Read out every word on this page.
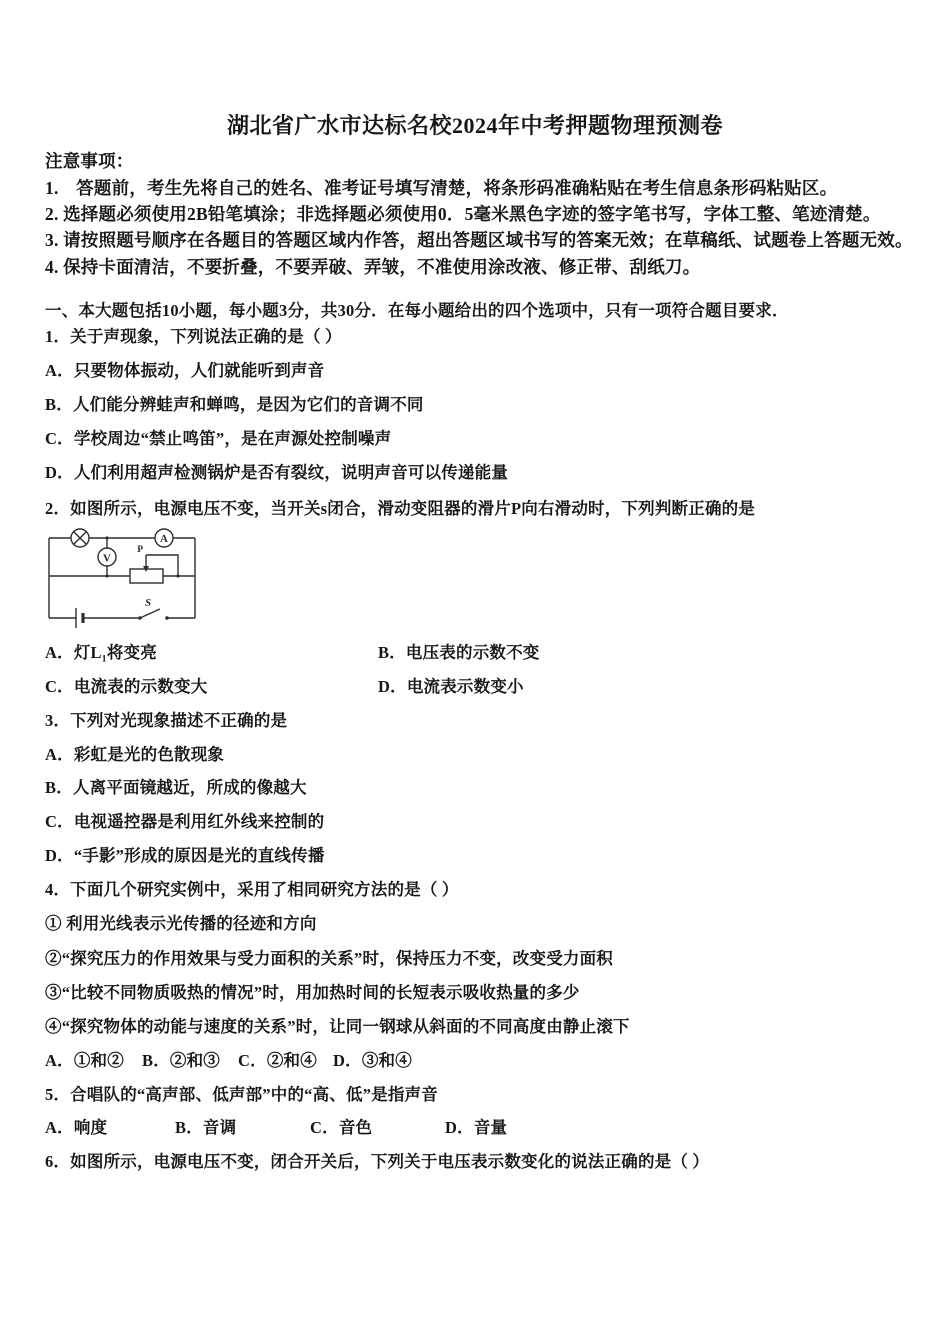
湖北省广水市达标名校2024年中考押题物理预测卷
注意事项：
1.　答题前，考生先将自己的姓名、准考证号填写清楚，将条形码准确粘贴在考生信息条形码粘贴区。
2. 选择题必须使用2B铅笔填涂；非选择题必须使用0．5毫米黑色字迹的签字笔书写，字体工整、笔迹清楚。
3. 请按照题号顺序在各题目的答题区域内作答，超出答题区域书写的答案无效；在草稿纸、试题卷上答题无效。
4. 保持卡面清洁，不要折叠，不要弄破、弄皱，不准使用涂改液、修正带、刮纸刀。
一、本大题包括10小题，每小题3分，共30分．在每小题给出的四个选项中，只有一项符合题目要求．
1．关于声现象，下列说法正确的是（ ）
A．只要物体振动，人们就能听到声音
B．人们能分辨蛙声和蝉鸣，是因为它们的音调不同
C．学校周边“禁止鸣笛”，是在声源处控制噪声
D．人们利用超声检测锅炉是否有裂纹，说明声音可以传递能量
2．如图所示，电源电压不变，当开关s闭合，滑动变阻器的滑片P向右滑动时，下列判断正确的是
A
V
P
S
A．灯L₁将变亮	B．电压表的示数不变
C．电流表的示数变大	D．电流表示数变小
3．下列对光现象描述不正确的是
A．彩虹是光的色散现象
B．人离平面镜越近，所成的像越大
C．电视遥控器是利用红外线来控制的
D．“手影”形成的原因是光的直线传播
4．下面几个研究实例中，采用了相同研究方法的是（ ）
① 利用光线表示光传播的径迹和方向
②“探究压力的作用效果与受力面积的关系”时，保持压力不变，改变受力面积
③“比较不同物质吸热的情况”时，用加热时间的长短表示吸收热量的多少
④“探究物体的动能与速度的关系”时，让同一钢球从斜面的不同高度由静止滚下
A．①和② B．②和③ C．②和④ D．③和④
5．合唱队的“高声部、低声部”中的“高、低”是指声音
A．响度	B．音调	C．音色	D．音量
6．如图所示，电源电压不变，闭合开关后，下列关于电压表示数变化的说法正确的是（ ）
